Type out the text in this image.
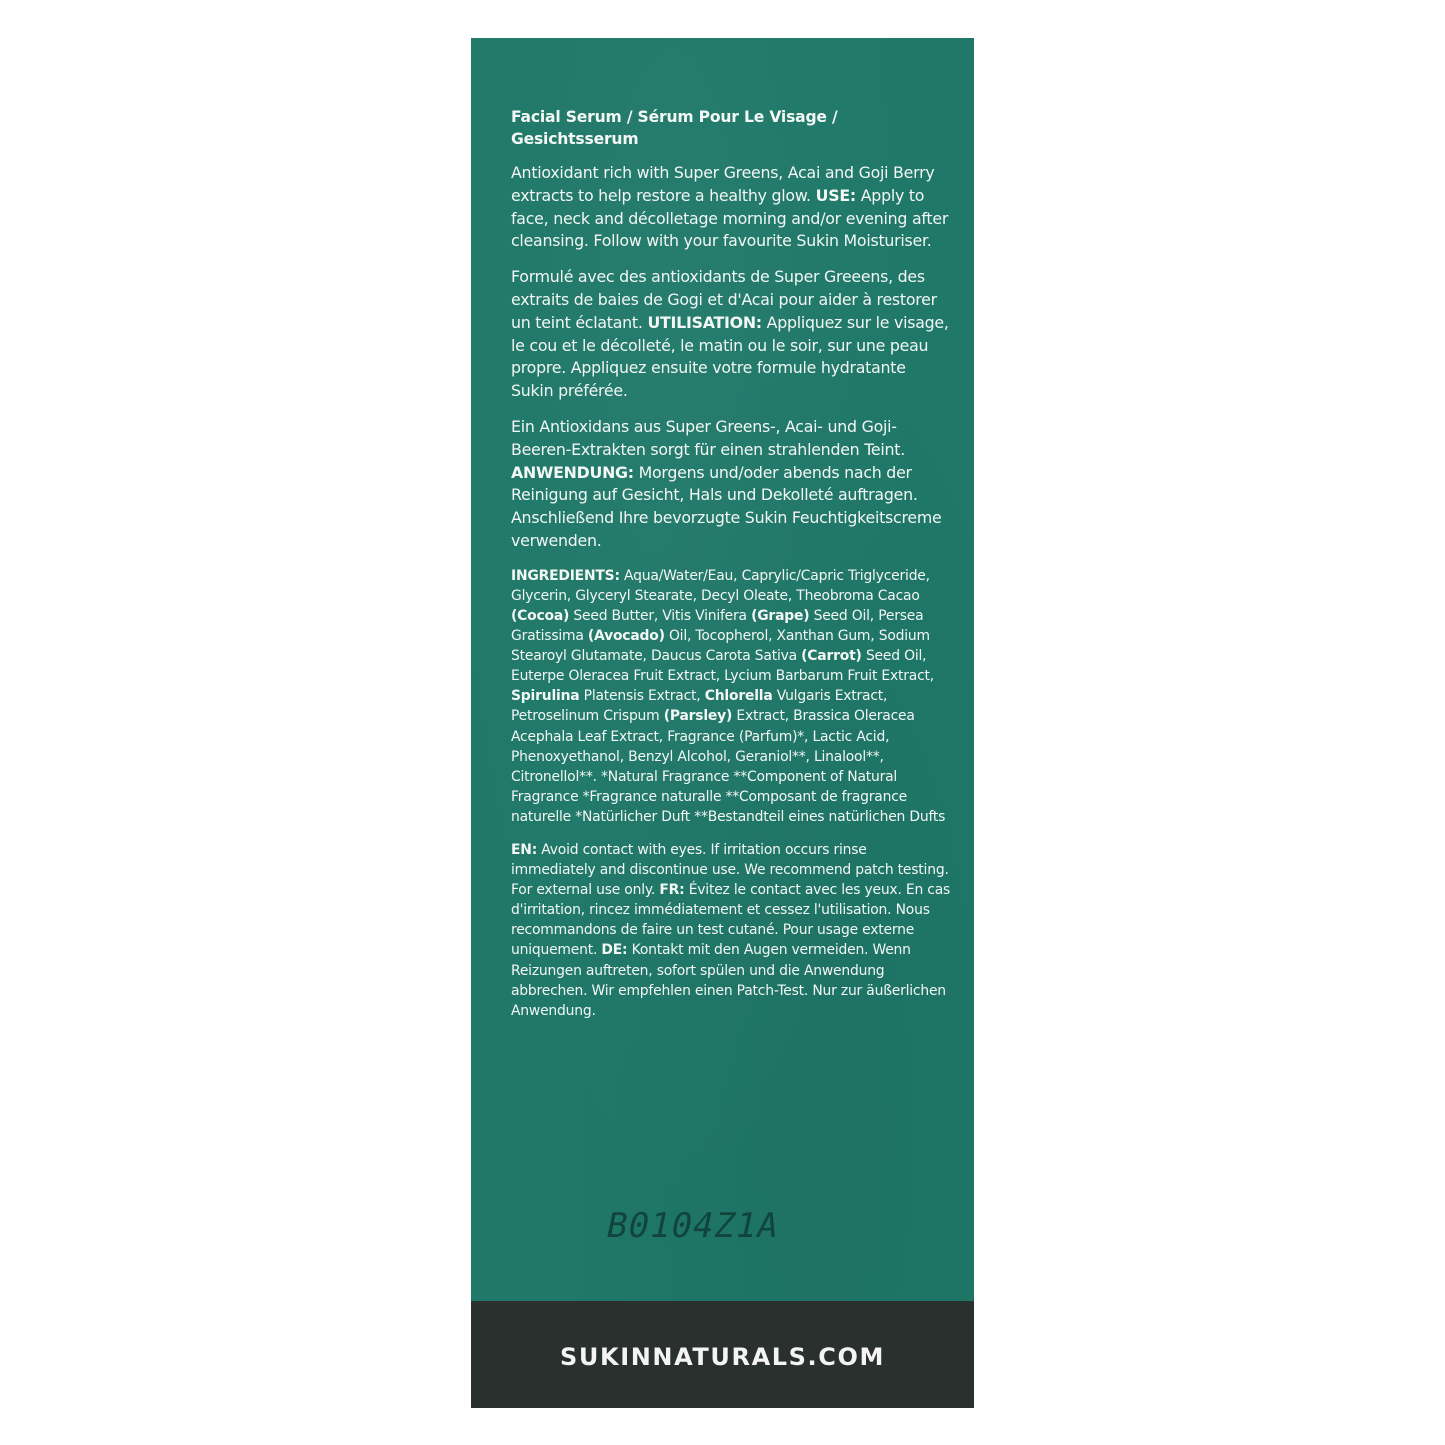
Facial Serum / Sérum Pour Le Visage / Gesichtsserum

Antioxidant rich with Super Greens, Acai and Goji Berry extracts to help restore a healthy glow. USE: Apply to face, neck and décolletage morning and/or evening after cleansing. Follow with your favourite Sukin Moisturiser.

Formulé avec des antioxidants de Super Greeens, des extraits de baies de Gogi et d'Acai pour aider à restorer un teint éclatant. UTILISATION: Appliquez sur le visage, le cou et le décolleté, le matin ou le soir, sur une peau propre. Appliquez ensuite votre formule hydratante Sukin préférée.

Ein Antioxidans aus Super Greens-, Acai- und Goji-Beeren-Extrakten sorgt für einen strahlenden Teint. ANWENDUNG: Morgens und/oder abends nach der Reinigung auf Gesicht, Hals und Dekolleté auftragen. Anschließend Ihre bevorzugte Sukin Feuchtigkeitscreme verwenden.

INGREDIENTS: Aqua/Water/Eau, Caprylic/Capric Triglyceride, Glycerin, Glyceryl Stearate, Decyl Oleate, Theobroma Cacao (Cocoa) Seed Butter, Vitis Vinifera (Grape) Seed Oil, Persea Gratissima (Avocado) Oil, Tocopherol, Xanthan Gum, Sodium Stearoyl Glutamate, Daucus Carota Sativa (Carrot) Seed Oil, Euterpe Oleracea Fruit Extract, Lycium Barbarum Fruit Extract, Spirulina Platensis Extract, Chlorella Vulgaris Extract, Petroselinum Crispum (Parsley) Extract, Brassica Oleracea Acephala Leaf Extract, Fragrance (Parfum)*, Lactic Acid, Phenoxyethanol, Benzyl Alcohol, Geraniol**, Linalool**, Citronellol**. *Natural Fragrance **Component of Natural Fragrance *Fragrance naturalle **Composant de fragrance naturelle *Natürlicher Duft **Bestandteil eines natürlichen Dufts

EN: Avoid contact with eyes. If irritation occurs rinse immediately and discontinue use. We recommend patch testing. For external use only. FR: Évitez le contact avec les yeux. En cas d'irritation, rincez immédiatement et cessez l'utilisation. Nous recommandons de faire un test cutané. Pour usage externe uniquement. DE: Kontakt mit den Augen vermeiden. Wenn Reizungen auftreten, sofort spülen und die Anwendung abbrechen. Wir empfehlen einen Patch-Test. Nur zur äußerlichen Anwendung.

B0104Z1A
SUKINNATURALS.COM
